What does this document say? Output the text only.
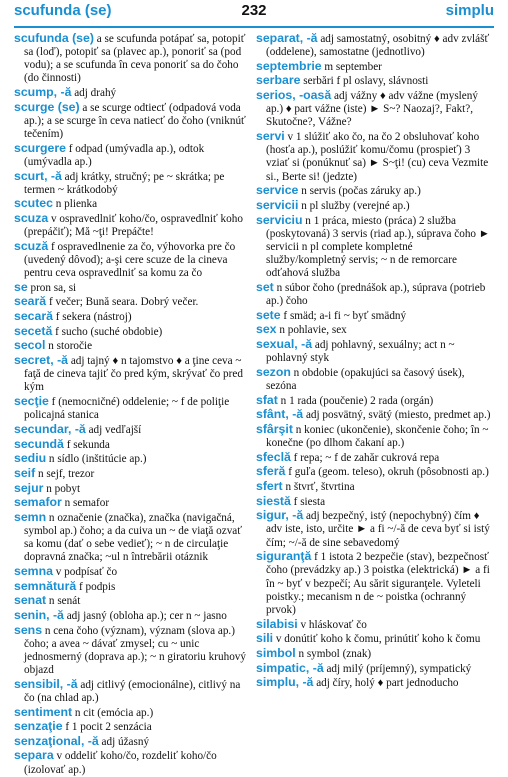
scufunda (se)	232	simplu
scufunda (se) a se scufunda potápať sa, potopiť sa (loď), potopiť sa (plavec ap.), ponoriť sa (pod vodu); a se scufunda în ceva ponoriť sa do čoho (do činnosti)
scump, -ă adj drahý
scurge (se) a se scurge odtiecť (odpadová voda ap.); a se scurge în ceva natiecť do čoho (vniknúť tečením)
scurgere f odpad (umývadla ap.), odtok (umývadla ap.)
scurt, -ă adj krátky, stručný; pe ~ skrátka; pe termen ~ krátkodobý
scutec n plienka
scuza v ospravedlniť koho/čo, ospravedlniť koho (prepáčiť); Mă ~ţi! Prepáčte!
scuză f ospravedlnenie za čo, výhovorka pre čo (uvedený dôvod); a-şi cere scuze de la cineva pentru ceva ospravedlniť sa komu za čo
se pron sa, si
seară f večer; Bună seara. Dobrý večer.
secară f sekera (nástroj)
secetă f sucho (suché obdobie)
secol n storočie
secret, -ă adj tajný ♦ n tajomstvo ♦ a ţine ceva ~ faţă de cineva tajiť čo pred kým, skrývať čo pred kým
secţie f (nemocničné) oddelenie; ~ f de poliţie policajná stanica
secundar, -ă adj vedľajší
secundă f sekunda
sediu n sídlo (inštitúcie ap.)
seif n sejf, trezor
sejur n pobyt
semafor n semafor
semn n označenie (značka), značka (navigačná, symbol ap.) čoho; a da cuiva un ~ de viaţă ozvať sa komu (dať o sebe vedieť); ~ n de circulaţie dopravná značka; ~ul n întrebării otáznik
semna v podpísať čo
semnătură f podpis
senat n senát
senin, -ă adj jasný (obloha ap.); cer n ~ jasno
sens n cena čoho (význam), význam (slova ap.) čoho; a avea ~ dávať zmysel; cu ~ unic jednosmerný (doprava ap.); ~ n giratoriu kruhový objazd
sensibil, -ă adj citlivý (emocionálne), citlivý na čo (na chlad ap.)
sentiment n cit (emócia ap.)
senzaţie f 1 pocit 2 senzácia
senzaţional, -ă adj úžasný
separa v oddeliť koho/čo, rozdeliť koho/čo (izolovať ap.)
separat, -ă adj samostatný, osobitný ♦ adv zvlášť (oddelene), samostatne (jednotlivo)
septembrie m september
serbare serbări f pl oslavy, slávnosti
serios, -oasă adj vážny ♦ adv vážne (myslený ap.) ♦ part vážne (iste) ► S~? Naozaj?, Fakt?, Skutočne?, Vážne?
servi v 1 slúžiť ako čo, na čo 2 obsluhovať koho (hosťa ap.), poslúžiť komu/čomu (prospieť) 3 vziať si (ponúknuť sa) ► S~ţi! (cu) ceva Vezmite si., Berte si! (jedzte)
service n servis (počas záruky ap.)
servicii n pl služby (verejné ap.)
serviciu n 1 práca, miesto (práca) 2 služba (poskytovaná) 3 servis (riad ap.), súprava čoho ► servicii n pl complete kompletné služby/kompletný servis; ~ n de remorcare odťahová služba
set n súbor čoho (prednášok ap.), súprava (potrieb ap.) čoho
sete f smäd; a-i fi ~ byť smädný
sex n pohlavie, sex
sexual, -ă adj pohlavný, sexuálny; act n ~ pohlavný styk
sezon n obdobie (opakujúci sa časový úsek), sezóna
sfat n 1 rada (poučenie) 2 rada (orgán)
sfânt, -ă adj posvätný, svätý (miesto, predmet ap.)
sfârşit n koniec (ukončenie), skončenie čoho; în ~ konečne (po dlhom čakaní ap.)
sfeclă f repa; ~ f de zahăr cukrová repa
sferă f guľa (geom. teleso), okruh (pôsobnosti ap.)
sfert n štvrť, štvrtina
siestă f siesta
sigur, -ă adj bezpečný, istý (nepochybný) čím ♦ adv iste, isto, určite ► a fi ~/-ă de ceva byť si istý čím; ~/-ă de sine sebavedomý
siguranţă f 1 istota 2 bezpečie (stav), bezpečnosť čoho (prevádzky ap.) 3 poistka (elektrická) ► a fi în ~ byť v bezpečí; Au sărit siguranţele. Vyleteli poistky.; mecanism n de ~ poistka (ochranný prvok)
silabisi v hláskovať čo
sili v donútiť koho k čomu, prinútiť koho k čomu
simbol n symbol (znak)
simpatic, -ă adj milý (príjemný), sympatický
simplu, -ă adj číry, holý ♦ part jednoducho
